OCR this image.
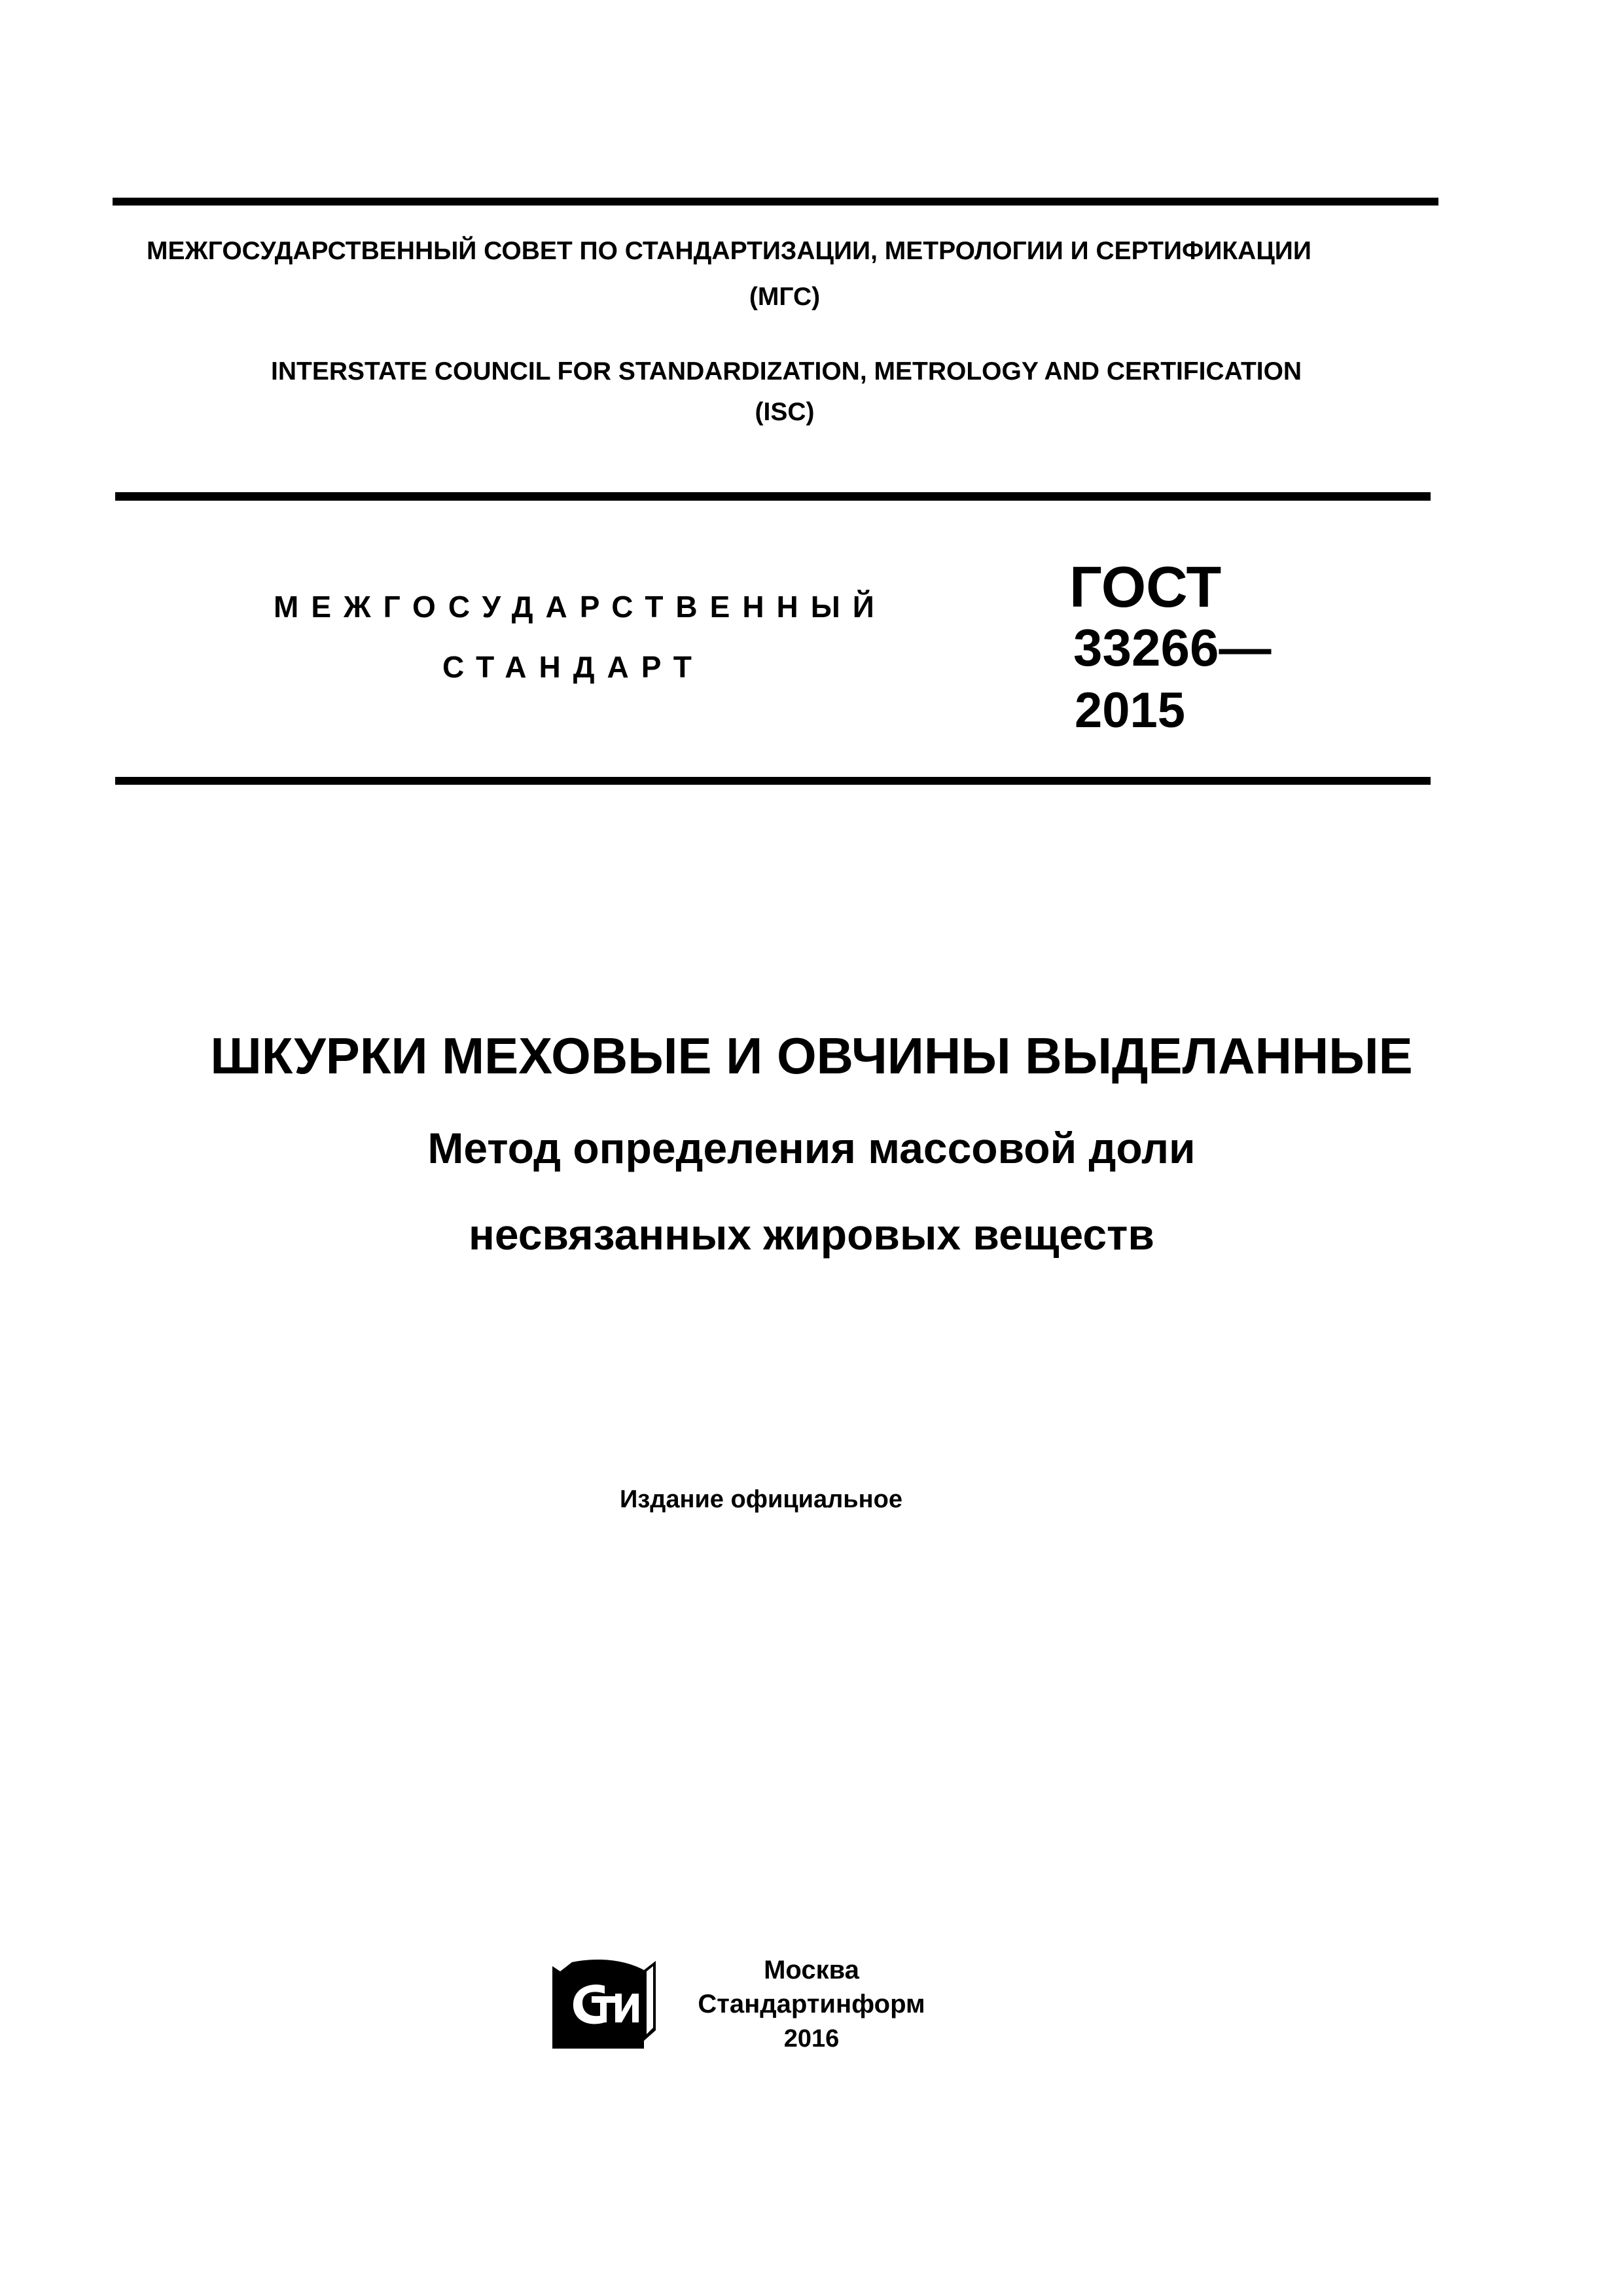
МЕЖГОСУДАРСТВЕННЫЙ СОВЕТ ПО СТАНДАРТИЗАЦИИ, МЕТРОЛОГИИ И СЕРТИФИКАЦИИ
(МГС)
INTERSTATE COUNCIL FOR STANDARDIZATION, METROLOGY AND CERTIFICATION
(ISC)
МЕЖГОСУДАРСТВЕННЫЙ
СТАНДАРТ
ГОСТ
33266—
2015
ШКУРКИ МЕХОВЫЕ И ОВЧИНЫ ВЫДЕЛАННЫЕ
Метод определения массовой доли
несвязанных жировых веществ
Издание официальное
Москва
Стандартинформ
2016
